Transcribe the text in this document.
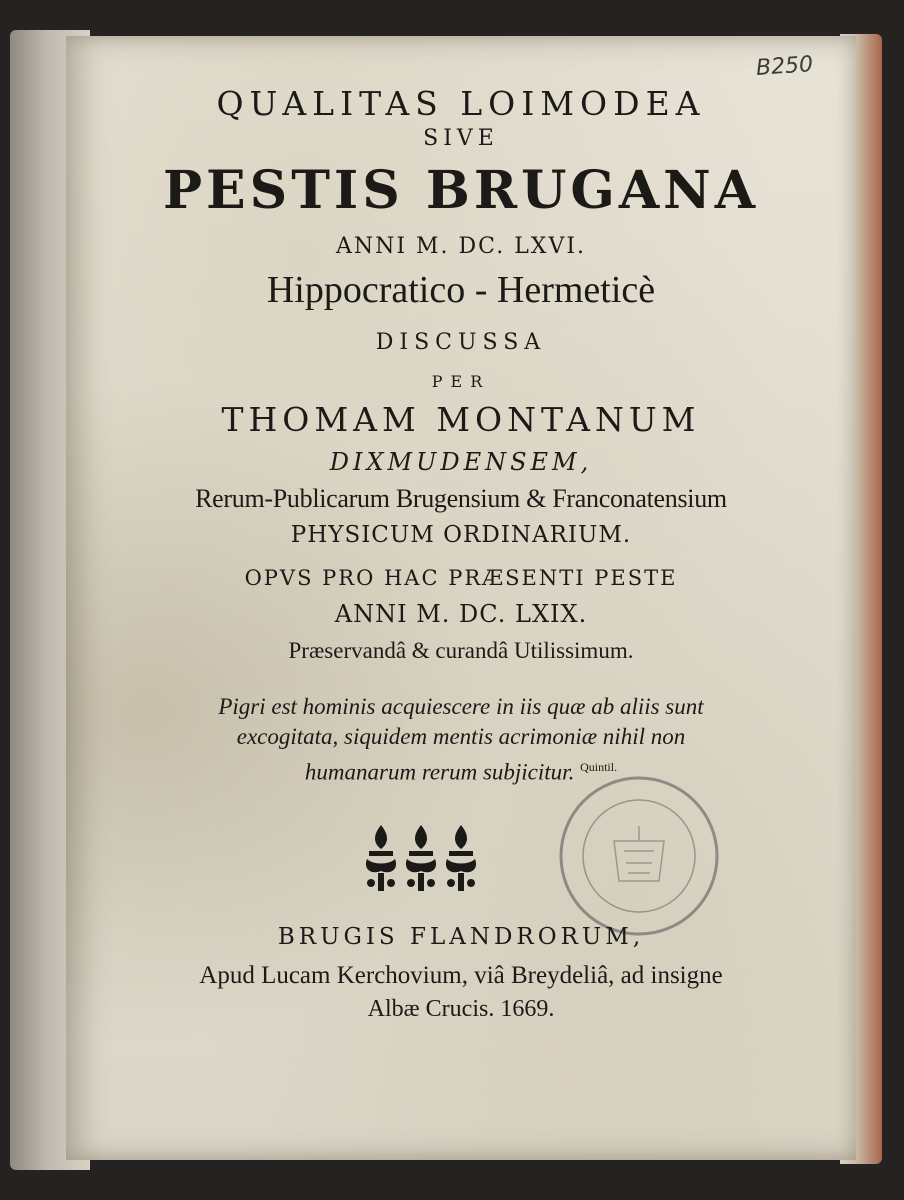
B250
QUALITAS LOIMODEA
SIVE
PESTIS BRUGANA
ANNI M. DC. LXVI.
Hippocratico - Hermeticè
DISCUSSA
PER
THOMAM MONTANUM
DIXMUDENSEM,
Rerum-Publicarum Brugensium & Franconatensium
PHYSICUM ORDINARIUM.
OPVS PRO HAC PRÆSENTI PESTE
ANNI M. DC. LXIX.
Præservandâ & curandâ Utilissimum.
Pigri est hominis acquiescere in iis quæ ab aliis sunt
excogitata, siquidem mentis acrimoniæ nihil non
humanarum rerum subjicitur. $^{Quintil.}$
BRUGIS FLANDRORUM,
Apud Lucam Kerchovium, viâ Breydeliâ, ad insigne
Albæ Crucis. 1669.
